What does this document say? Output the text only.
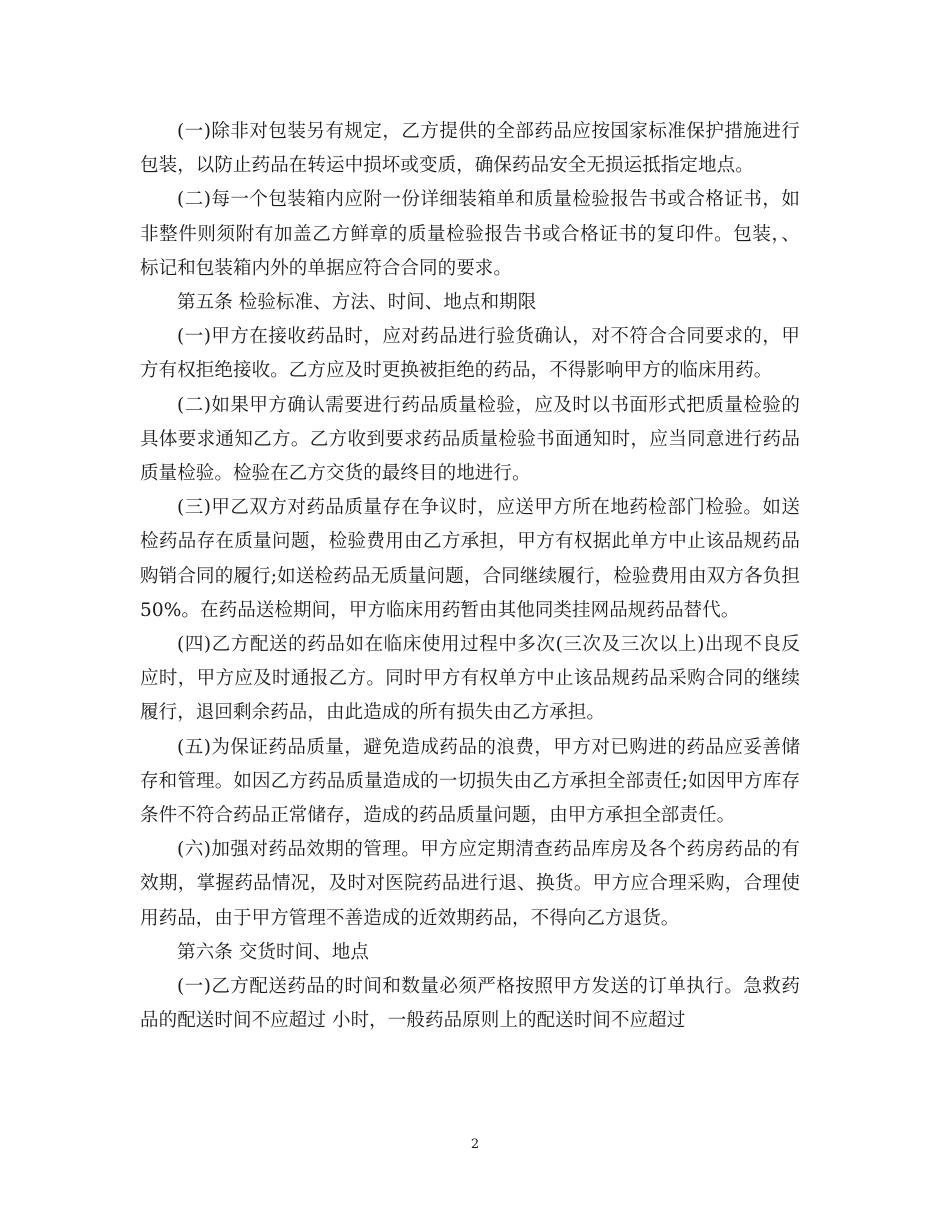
(一)除非对包装另有规定，乙方提供的全部药品应按国家标准保护措施进行包装，以防止药品在转运中损坏或变质，确保药品安全无损运抵指定地点。

(二)每一个包装箱内应附一份详细装箱单和质量检验报告书或合格证书，如非整件则须附有加盖乙方鲜章的质量检验报告书或合格证书的复印件。包装，、标记和包装箱内外的单据应符合合同的要求。

第五条 检验标准、方法、时间、地点和期限

(一)甲方在接收药品时，应对药品进行验货确认，对不符合合同要求的，甲方有权拒绝接收。乙方应及时更换被拒绝的药品，不得影响甲方的临床用药。

(二)如果甲方确认需要进行药品质量检验，应及时以书面形式把质量检验的具体要求通知乙方。乙方收到要求药品质量检验书面通知时，应当同意进行药品质量检验。检验在乙方交货的最终目的地进行。

(三)甲乙双方对药品质量存在争议时，应送甲方所在地药检部门检验。如送检药品存在质量问题，检验费用由乙方承担，甲方有权据此单方中止该品规药品购销合同的履行;如送检药品无质量问题，合同继续履行，检验费用由双方各负担50%。在药品送检期间，甲方临床用药暂由其他同类挂网品规药品替代。

(四)乙方配送的药品如在临床使用过程中多次(三次及三次以上)出现不良反应时，甲方应及时通报乙方。同时甲方有权单方中止该品规药品采购合同的继续履行，退回剩余药品，由此造成的所有损失由乙方承担。

(五)为保证药品质量，避免造成药品的浪费，甲方对已购进的药品应妥善储存和管理。如因乙方药品质量造成的一切损失由乙方承担全部责任;如因甲方库存条件不符合药品正常储存，造成的药品质量问题，由甲方承担全部责任。

(六)加强对药品效期的管理。甲方应定期清查药品库房及各个药房药品的有效期，掌握药品情况，及时对医院药品进行退、换货。甲方应合理采购，合理使用药品，由于甲方管理不善造成的近效期药品，不得向乙方退货。

第六条 交货时间、地点

(一)乙方配送药品的时间和数量必须严格按照甲方发送的订单执行。急救药品的配送时间不应超过 小时，一般药品原则上的配送时间不应超过

2
